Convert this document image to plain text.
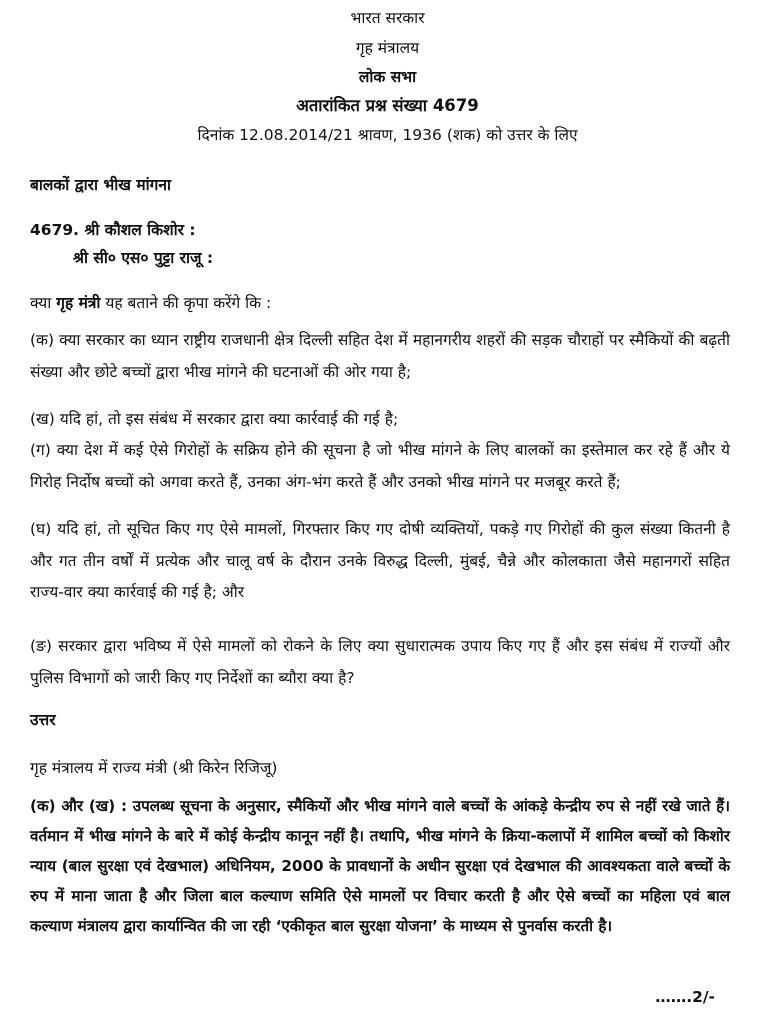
भारत सरकार
गृह मंत्रालय
लोक सभा
अतारांकित प्रश्न संख्या 4679
दिनांक 12.08.2014/21 श्रावण, 1936 (शक) को उत्तर के लिए
बालकों द्वारा भीख मांगना
4679. श्री कौशल किशोर :
श्री सी० एस० पुट्टा राजू :
क्या गृह मंत्री यह बताने की कृपा करेंगे कि :
(क) क्या सरकार का ध्यान राष्ट्रीय राजधानी क्षेत्र दिल्ली सहित देश में महानगरीय शहरों की सड़क चौराहों पर स्मैकियों की बढ़ती संख्या और छोटे बच्चों द्वारा भीख मांगने की घटनाओं की ओर गया है;
(ख) यदि हां, तो इस संबंध में सरकार द्वारा क्या कार्रवाई की गई है;
(ग) क्या देश में कई ऐसे गिरोहों के सक्रिय होने की सूचना है जो भीख मांगने के लिए बालकों का इस्तेमाल कर रहे हैं और ये गिरोह निर्दोष बच्चों को अगवा करते हैं, उनका अंग-भंग करते हैं और उनको भीख मांगने पर मजबूर करते हैं;
(घ) यदि हां, तो सूचित किए गए ऐसे मामलों, गिरफ्तार किए गए दोषी व्यक्तियों, पकड़े गए गिरोहों की कुल संख्या कितनी है और गत तीन वर्षों में प्रत्येक और चालू वर्ष के दौरान उनके विरुद्ध दिल्ली, मुंबई, चैन्ने और कोलकाता जैसे महानगरों सहित राज्य-वार क्या कार्रवाई की गई है; और
(ङ) सरकार द्वारा भविष्य में ऐसे मामलों को रोकने के लिए क्या सुधारात्मक उपाय किए गए हैं और इस संबंध में राज्यों और पुलिस विभागों को जारी किए गए निर्देशों का ब्यौरा क्या है?
उत्तर
गृह मंत्रालय में राज्य मंत्री (श्री किरेन रिजिजू)
(क) और (ख) : उपलब्ध सूचना के अनुसार, स्मैकियों और भीख मांगने वाले बच्चों के आंकड़े केन्द्रीय रुप से नहीं रखे जाते हैं। वर्तमान में भीख मांगने के बारे में कोई केन्द्रीय कानून नहीं है। तथापि, भीख मांगने के क्रिया-कलापों में शामिल बच्चों को किशोर न्याय (बाल सुरक्षा एवं देखभाल) अधिनियम, 2000 के प्रावधानों के अधीन सुरक्षा एवं देखभाल की आवश्यकता वाले बच्चों के रुप में माना जाता है और जिला बाल कल्याण समिति ऐसे मामलों पर विचार करती है और ऐसे बच्चों का महिला एवं बाल कल्याण मंत्रालय द्वारा कार्यान्वित की जा रही ‘एकीकृत बाल सुरक्षा योजना’ के माध्यम से पुनर्वास करती है।
…….2/-
